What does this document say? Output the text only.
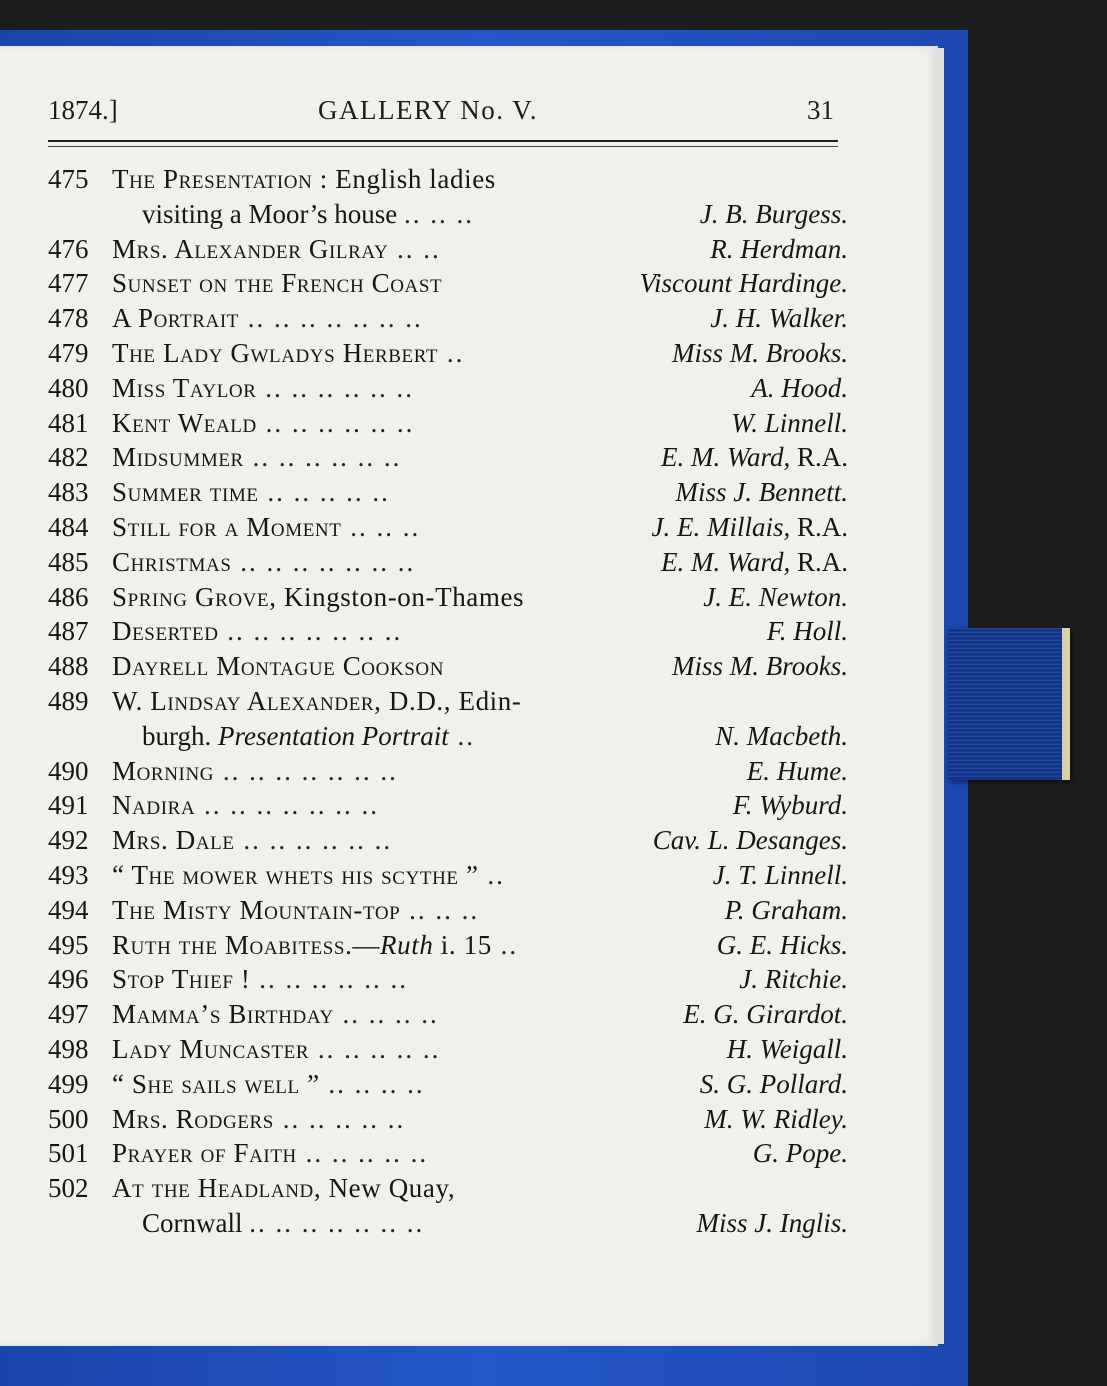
1874.]	GALLERY No. V.	31
475 The Presentation : English ladies
visiting a Moor’s house .. .. ..	J. B. Burgess.
476 Mrs. Alexander Gilray .. ..	R. Herdman.
477 Sunset on the French Coast	Viscount Hardinge.
478 A Portrait .. .. .. .. .. .. ..	J. H. Walker.
479 The Lady Gwladys Herbert ..	Miss M. Brooks.
480 Miss Taylor .. .. .. .. .. ..	A. Hood.
481 Kent Weald .. .. .. .. .. ..	W. Linnell.
482 Midsummer .. .. .. .. .. ..	E. M. Ward, R.A.
483 Summer time .. .. .. .. ..	Miss J. Bennett.
484 Still for a Moment .. .. ..	J. E. Millais, R.A.
485 Christmas .. .. .. .. .. .. ..	E. M. Ward, R.A.
486 Spring Grove, Kingston-on-Thames	J. E. Newton.
487 Deserted .. .. .. .. .. .. ..	F. Holl.
488 Dayrell Montague Cookson	Miss M. Brooks.
489 W. Lindsay Alexander, D.D., Edin-
burgh. Presentation Portrait ..	N. Macbeth.
490 Morning .. .. .. .. .. .. ..	E. Hume.
491 Nadira .. .. .. .. .. .. ..	F. Wyburd.
492 Mrs. Dale .. .. .. .. .. ..	Cav. L. Desanges.
493 “ The mower whets his scythe ” ..	J. T. Linnell.
494 The Misty Mountain-top .. .. ..	P. Graham.
495 Ruth the Moabitess.—Ruth i. 15 ..	G. E. Hicks.
496 Stop Thief ! .. .. .. .. .. ..	J. Ritchie.
497 Mamma’s Birthday .. .. .. ..	E. G. Girardot.
498 Lady Muncaster .. .. .. .. ..	H. Weigall.
499 “ She sails well ” .. .. .. ..	S. G. Pollard.
500 Mrs. Rodgers .. .. .. .. ..	M. W. Ridley.
501 Prayer of Faith .. .. .. .. ..	G. Pope.
502 At the Headland, New Quay,
Cornwall .. .. .. .. .. .. ..	Miss J. Inglis.
